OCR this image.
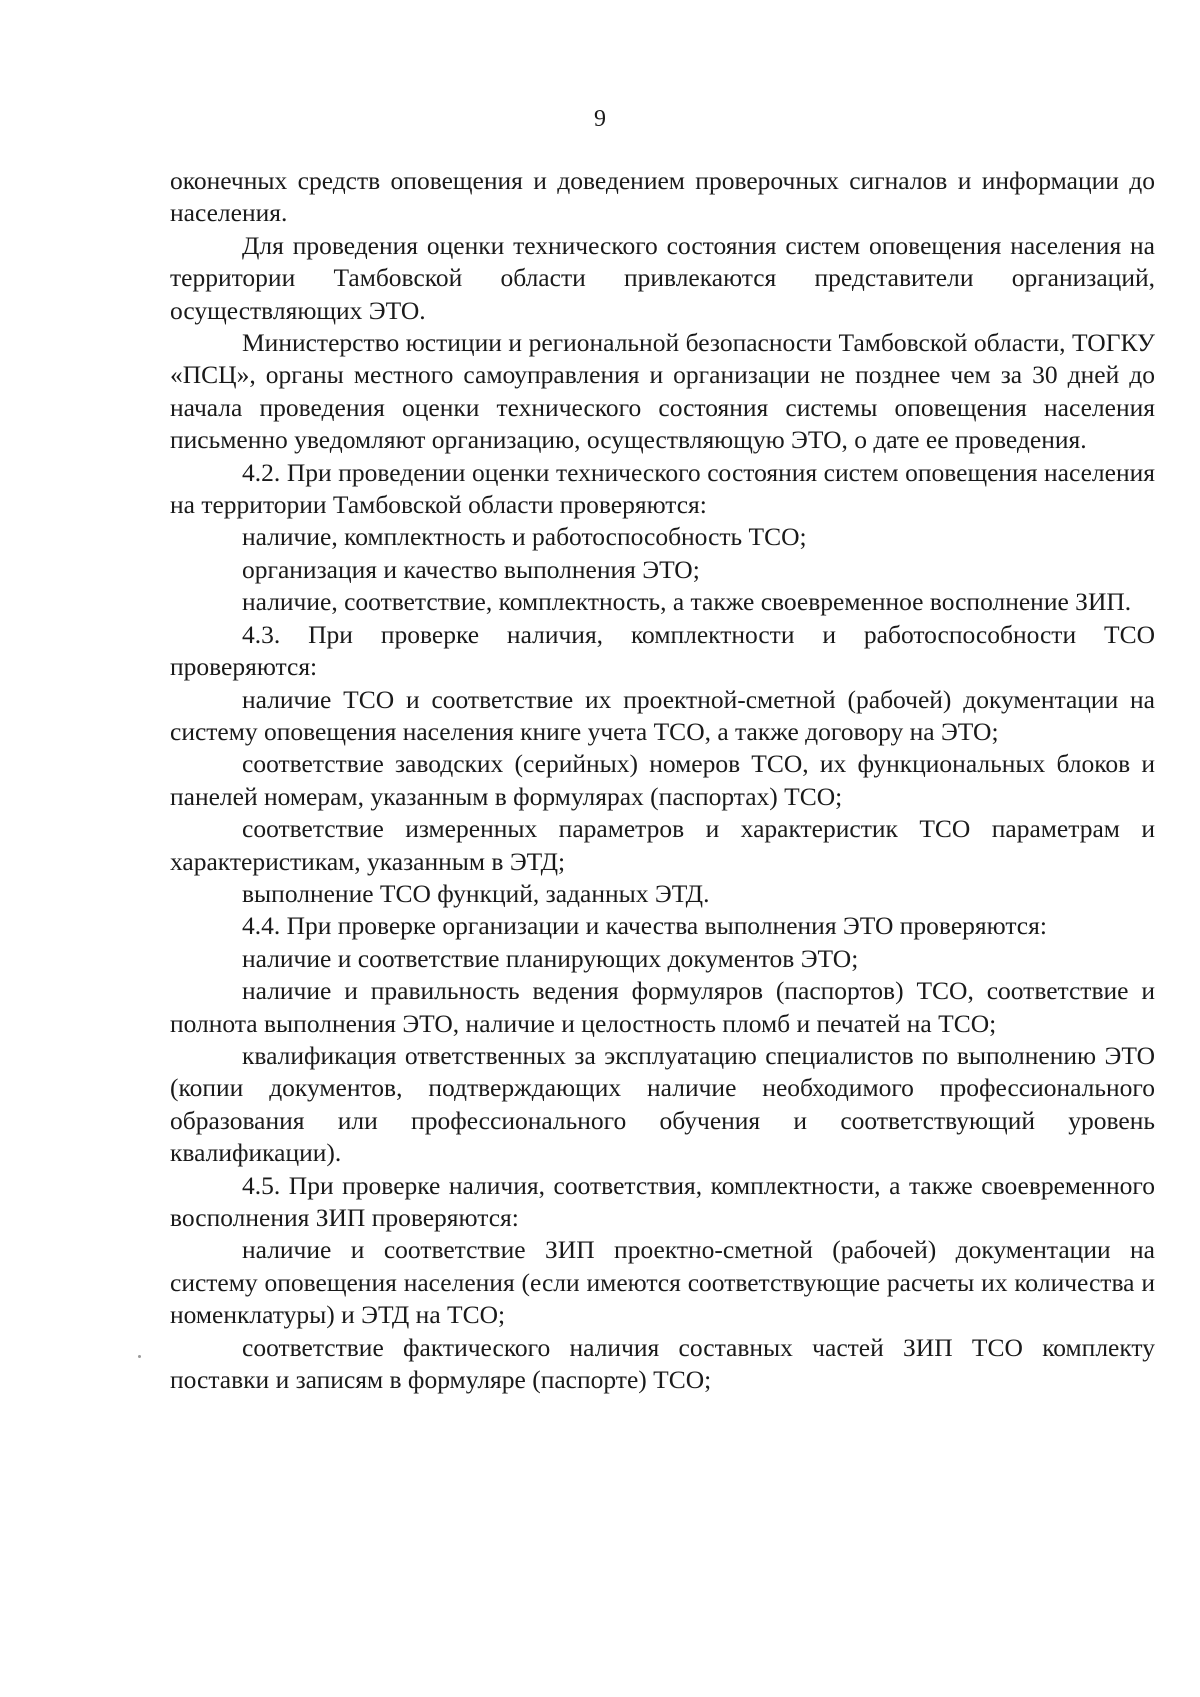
9

оконечных средств оповещения и доведением проверочных сигналов и информации до населения.

Для проведения оценки технического состояния систем оповещения населения на территории Тамбовской области привлекаются представители организаций, осуществляющих ЭТО.

Министерство юстиции и региональной безопасности Тамбовской области, ТОГКУ «ПСЦ», органы местного самоуправления и организации не позднее чем за 30 дней до начала проведения оценки технического состояния системы оповещения населения письменно уведомляют организацию, осуществляющую ЭТО, о дате ее проведения.

4.2. При проведении оценки технического состояния систем оповещения населения на территории Тамбовской области проверяются:

наличие, комплектность и работоспособность ТСО;

организация и качество выполнения ЭТО;

наличие, соответствие, комплектность, а также своевременное восполнение ЗИП.

4.3. При проверке наличия, комплектности и работоспособности ТСО проверяются:

наличие ТСО и соответствие их проектной-сметной (рабочей) документации на систему оповещения населения книге учета ТСО, а также договору на ЭТО;

соответствие заводских (серийных) номеров ТСО, их функциональных блоков и панелей номерам, указанным в формулярах (паспортах) ТСО;

соответствие измеренных параметров и характеристик ТСО параметрам и характеристикам, указанным в ЭТД;

выполнение ТСО функций, заданных ЭТД.

4.4. При проверке организации и качества выполнения ЭТО проверяются:

наличие и соответствие планирующих документов ЭТО;

наличие и правильность ведения формуляров (паспортов) ТСО, соответствие и полнота выполнения ЭТО, наличие и целостность пломб и печатей на ТСО;

квалификация ответственных за эксплуатацию специалистов по выполнению ЭТО (копии документов, подтверждающих наличие необходимого профессионального образования или профессионального обучения и соответствующий уровень квалификации).

4.5. При проверке наличия, соответствия, комплектности, а также своевременного восполнения ЗИП проверяются:

наличие и соответствие ЗИП проектно-сметной (рабочей) документации на систему оповещения населения (если имеются соответствующие расчеты их количества и номенклатуры) и ЭТД на ТСО;

соответствие фактического наличия составных частей ЗИП ТСО комплекту поставки и записям в формуляре (паспорте) ТСО;
